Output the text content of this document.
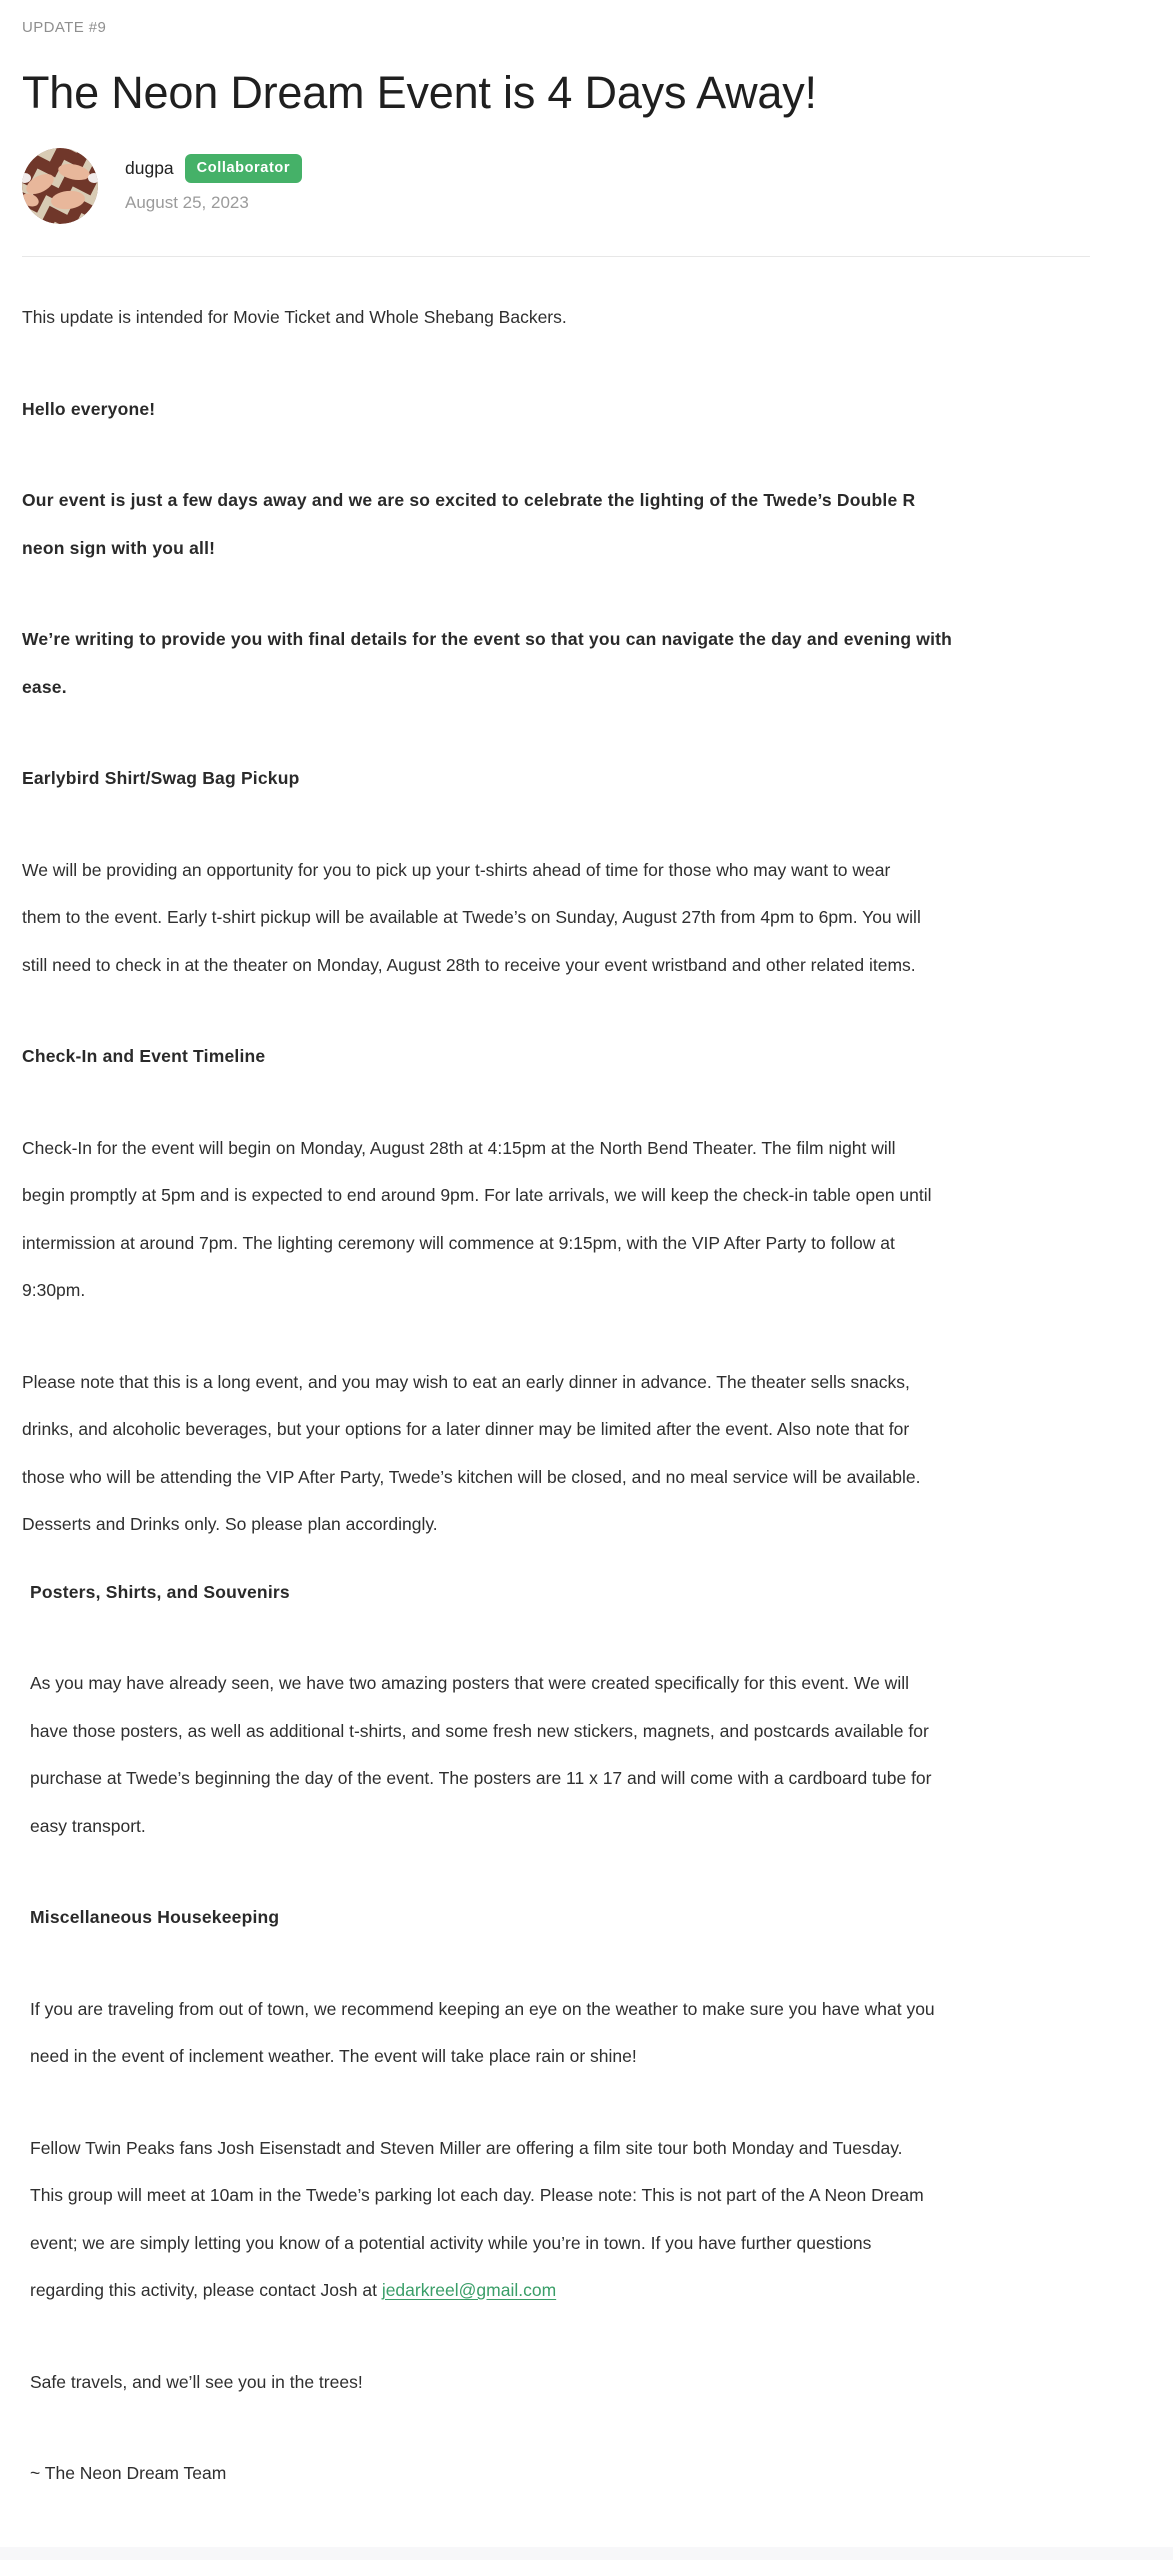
UPDATE #9
The Neon Dream Event is 4 Days Away!
dugpa	Collaborator
August 25, 2023

This update is intended for Movie Ticket and Whole Shebang Backers.

Hello everyone!

Our event is just a few days away and we are so excited to celebrate the lighting of the Twede’s Double R neon sign with you all!

We’re writing to provide you with final details for the event so that you can navigate the day and evening with ease.

Earlybird Shirt/Swag Bag Pickup

We will be providing an opportunity for you to pick up your t-shirts ahead of time for those who may want to wear them to the event. Early t-shirt pickup will be available at Twede’s on Sunday, August 27th from 4pm to 6pm. You will still need to check in at the theater on Monday, August 28th to receive your event wristband and other related items.

Check-In and Event Timeline

Check-In for the event will begin on Monday, August 28th at 4:15pm at the North Bend Theater. The film night will begin promptly at 5pm and is expected to end around 9pm. For late arrivals, we will keep the check-in table open until intermission at around 7pm. The lighting ceremony will commence at 9:15pm, with the VIP After Party to follow at 9:30pm.

Please note that this is a long event, and you may wish to eat an early dinner in advance. The theater sells snacks, drinks, and alcoholic beverages, but your options for a later dinner may be limited after the event. Also note that for those who will be attending the VIP After Party, Twede’s kitchen will be closed, and no meal service will be available. Desserts and Drinks only. So please plan accordingly.

Posters, Shirts, and Souvenirs

As you may have already seen, we have two amazing posters that were created specifically for this event. We will have those posters, as well as additional t-shirts, and some fresh new stickers, magnets, and postcards available for purchase at Twede’s beginning the day of the event. The posters are 11 x 17 and will come with a cardboard tube for easy transport.

Miscellaneous Housekeeping

If you are traveling from out of town, we recommend keeping an eye on the weather to make sure you have what you need in the event of inclement weather. The event will take place rain or shine!

Fellow Twin Peaks fans Josh Eisenstadt and Steven Miller are offering a film site tour both Monday and Tuesday. This group will meet at 10am in the Twede’s parking lot each day. Please note: This is not part of the A Neon Dream event; we are simply letting you know of a potential activity while you’re in town. If you have further questions regarding this activity, please contact Josh at jedarkreel@gmail.com

Safe travels, and we’ll see you in the trees!

~ The Neon Dream Team
